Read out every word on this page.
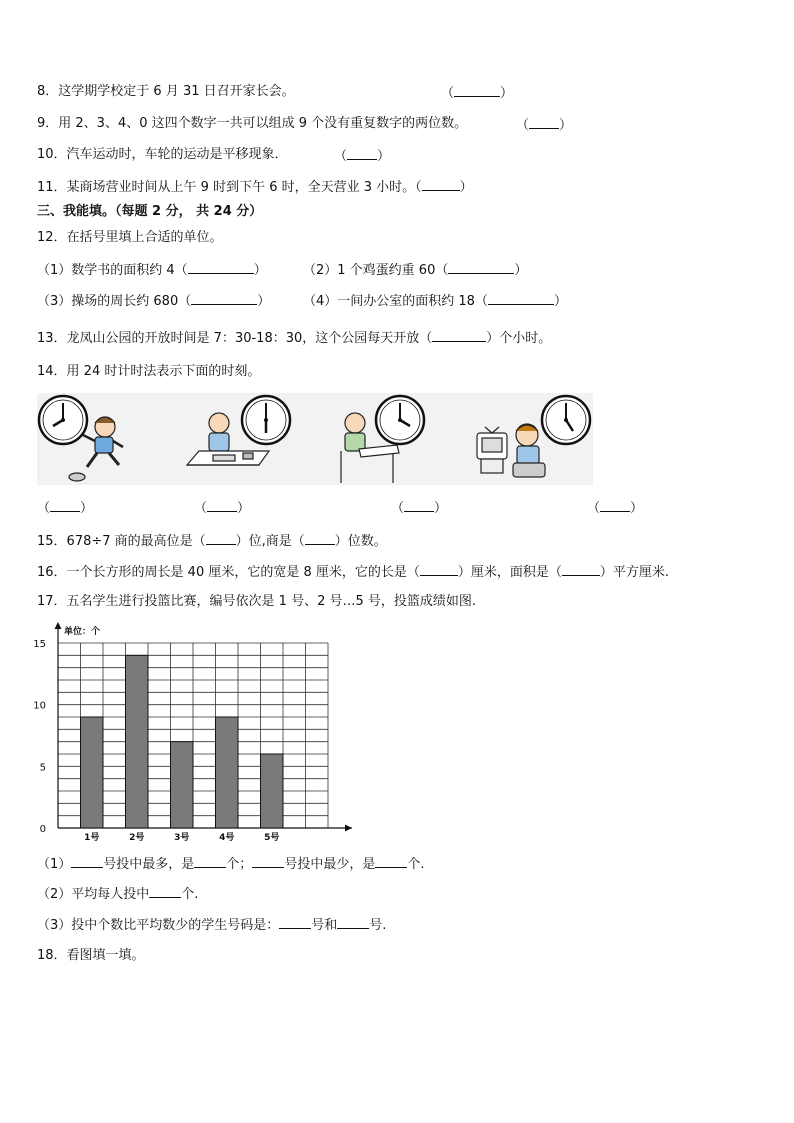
8．这学期学校定于 6 月 31 日召开家长会。	（	）
9．用 2、3、4、0 这四个数字一共可以组成 9 个没有重复数字的两位数。	（ ）
10．汽车运动时，车轮的运动是平移现象．	（ ）
11．某商场营业时间从上午 9 时到下午 6 时，全天营业 3 小时。（	）
三、我能填。（每题 2 分， 共 24 分）
12．在括号里填上合适的单位。
（1）数学书的面积约 4（	）	（2）1 个鸡蛋约重 60（	）
（3）操场的周长约 680（	）	（4）一间办公室的面积约 18（	）
13．龙凤山公园的开放时间是 7：30-18：30，这个公园每天开放（	）个小时。
14．用 24 时计时法表示下面的时刻。
（ ）	（ ）	（ ）	（ ）
15．678÷7 商的最高位是（ ）位,商是（ ）位数。
16．一个长方形的周长是 40 厘米，它的宽是 8 厘米，它的长是（	）厘米，面积是（	）平方厘米.
17．五名学生进行投篮比赛，编号依次是 1 号、2 号…5 号，投篮成绩如图.
单位：个
0
5
10
15
1号	2号	3号	4号	5号
（1） 号投中最多，是 个； 号投中最少，是 个.
（2）平均每人投中 个.
（3）投中个数比平均数少的学生号码是： 号和 号.
18．看图填一填。
